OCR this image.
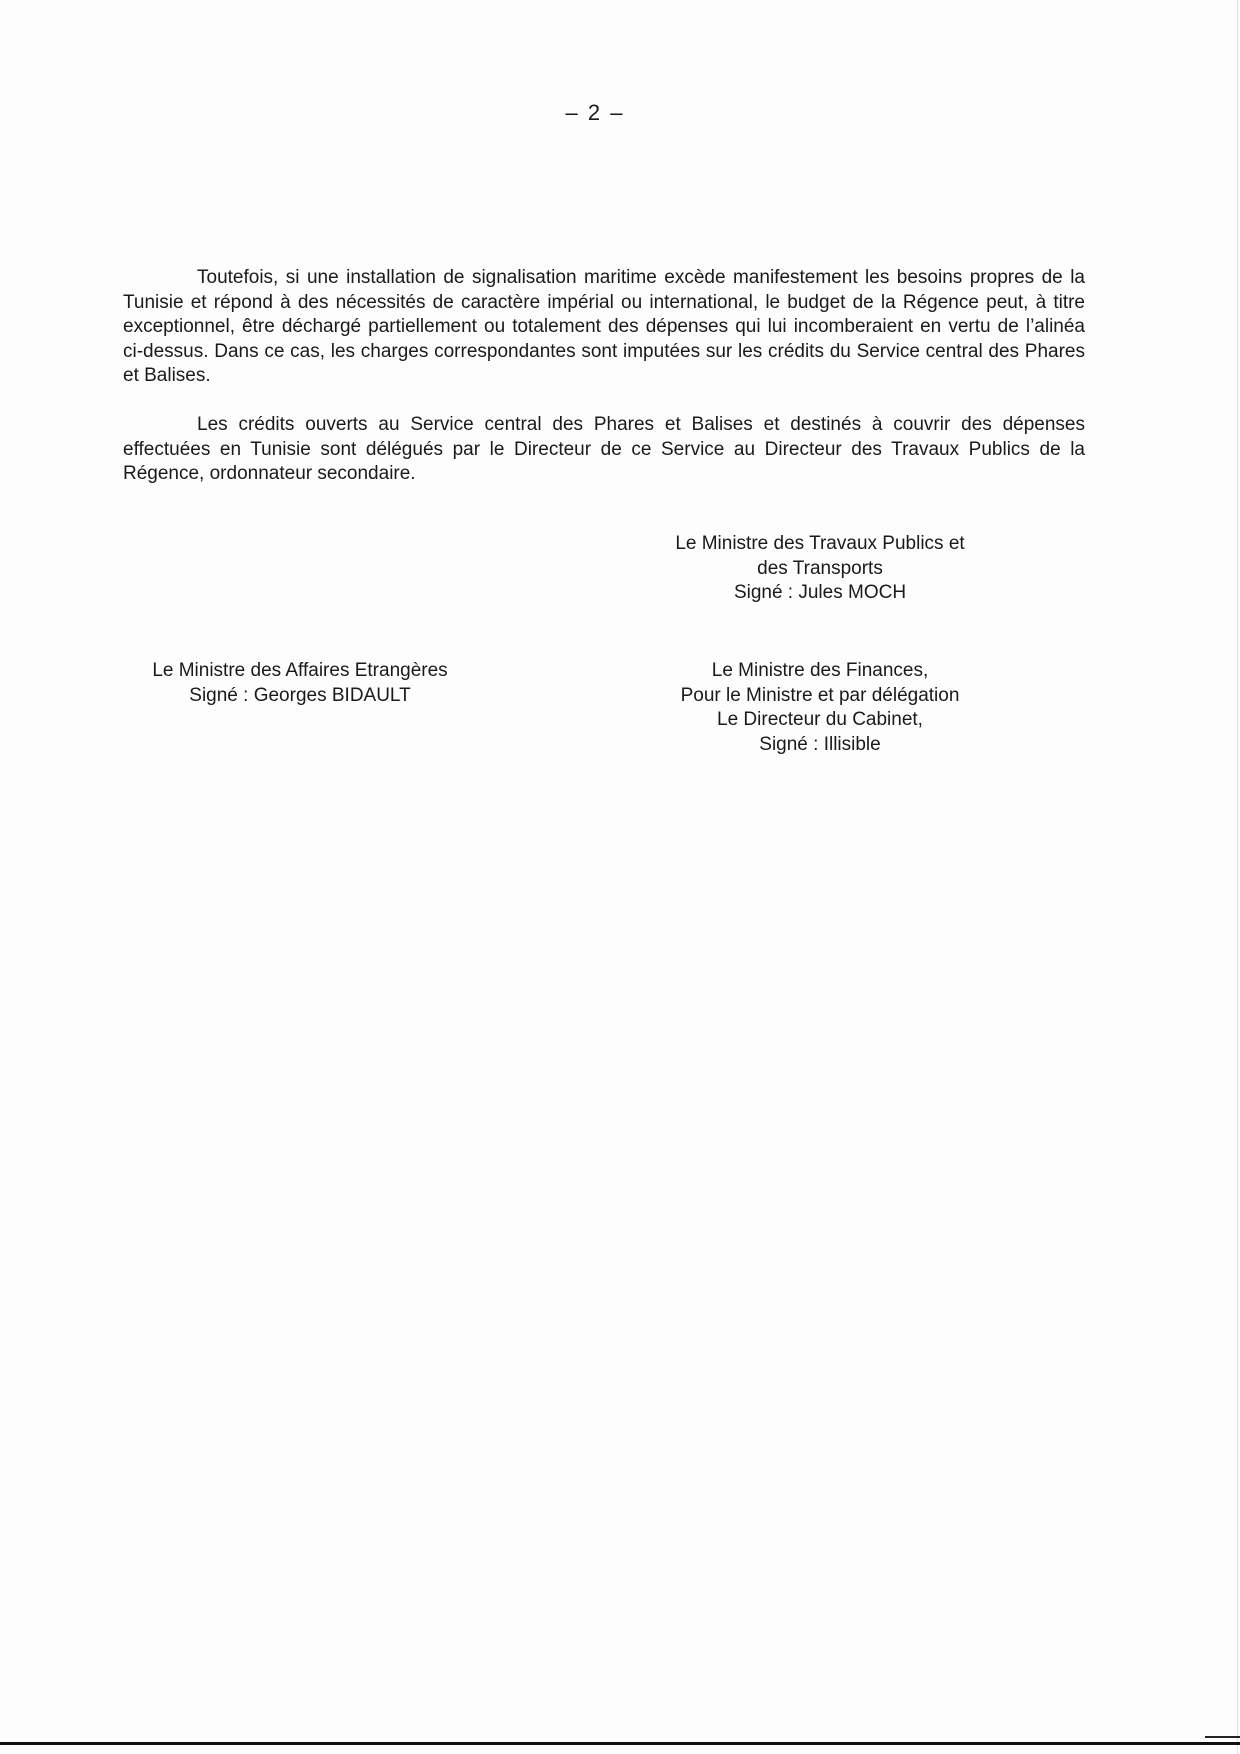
– 2 –

Toutefois, si une installation de signalisation maritime excède manifestement les besoins propres de la Tunisie et répond à des nécessités de caractère impérial ou international, le budget de la Régence peut, à titre exceptionnel, être déchargé partiellement ou totalement des dépenses qui lui incomberaient en vertu de l’alinéa ci-dessus. Dans ce cas, les charges correspondantes sont imputées sur les crédits du Service central des Phares et Balises.

Les crédits ouverts au Service central des Phares et Balises et destinés à couvrir des dépenses effectuées en Tunisie sont délégués par le Directeur de ce Service au Directeur des Travaux Publics de la Régence, ordonnateur secondaire.

Le Ministre des Travaux Publics et
des Transports
Signé : Jules MOCH
Le Ministre des Affaires Etrangères
Signé : Georges BIDAULT
Le Ministre des Finances,
Pour le Ministre et par délégation
Le Directeur du Cabinet,
Signé : Illisible
